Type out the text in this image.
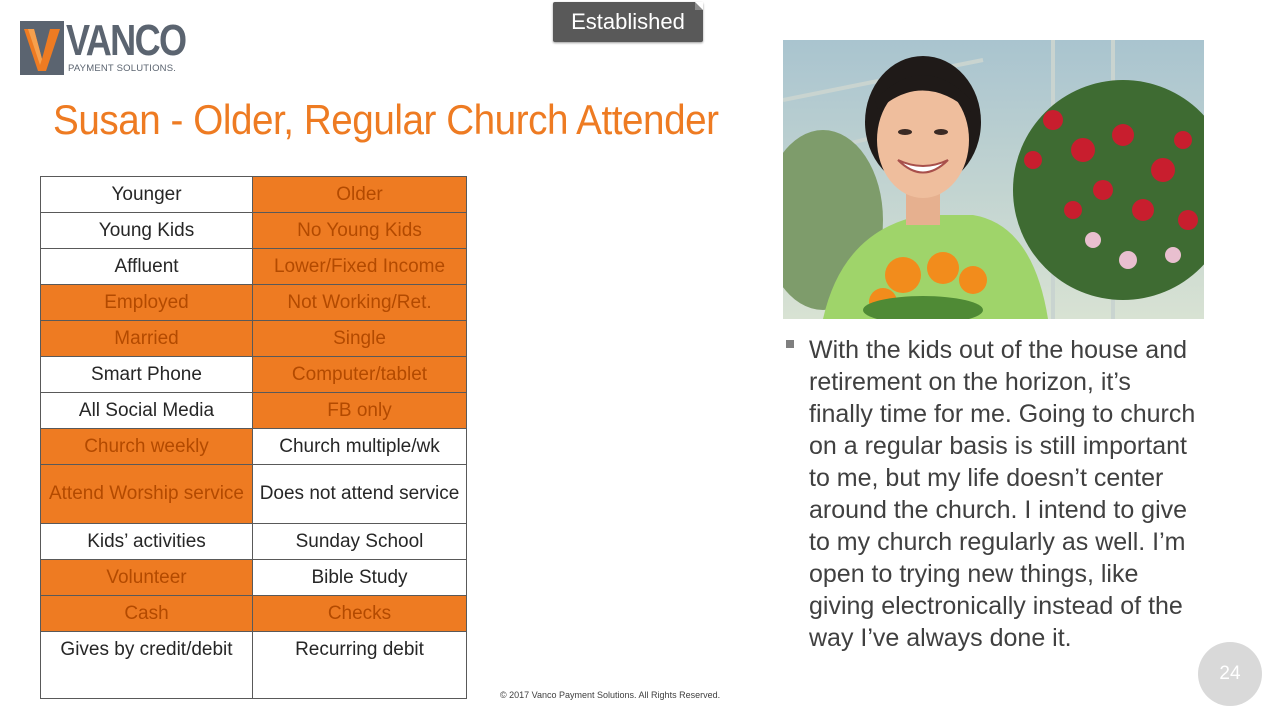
VANCO
PAYMENT SOLUTIONS.
Established
Susan - Older, Regular Church Attender
Younger	Older
Young Kids	No Young Kids
Affluent	Lower/Fixed Income
Employed	Not Working/Ret.
Married	Single
Smart Phone	Computer/tablet
All Social Media	FB only
Church weekly	Church multiple/wk
Attend Worship service	Does not attend service
Kids’ activities	Sunday School
Volunteer	Bible Study
Cash	Checks
Gives by credit/debit	Recurring debit
With the kids out of the house and retirement on the horizon, it’s finally time for me. Going to church on a regular basis is still important to me, but my life doesn’t center around the church. I intend to give to my church regularly as well. I’m open to trying new things, like giving electronically instead of the way I’ve always done it.
© 2017 Vanco Payment Solutions. All Rights Reserved.
24
